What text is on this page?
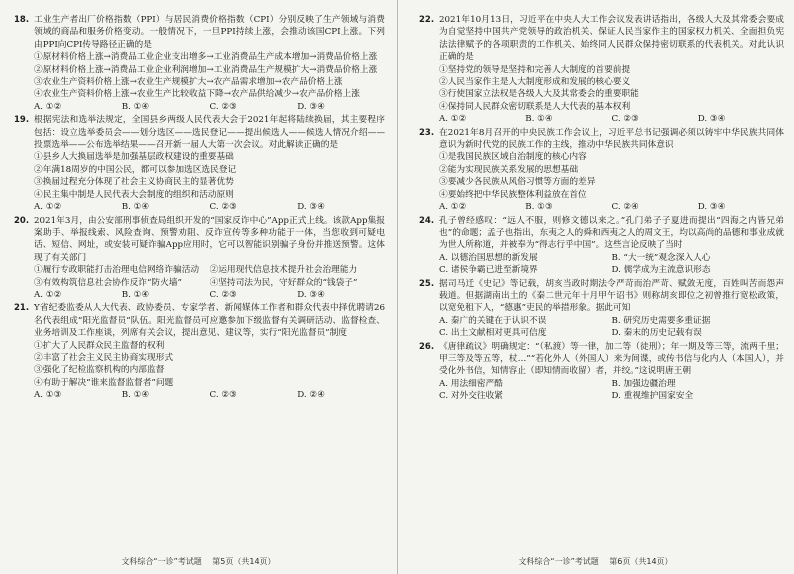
18. 工业生产者出厂价格指数（PPI）与居民消费价格指数（CPI）分别反映了生产领域与消费领域的商品和服务价格变动。一般情况下，一旦PPI持续上涨，会推动该国CPI上涨。下列由PPI向CPI传导路径正确的是
①原材料价格上涨→消费品工业企业支出增多→工业消费品生产成本增加→消费品价格上涨
②原材料价格上涨→消费品工业企业利润增加→工业消费品生产规模扩大→消费品价格上涨
③农业生产资料价格上涨→农业生产规模扩大→农产品需求增加→农产品价格上涨
④农业生产资料价格上涨→农业生产比较收益下降→农产品供给减少→农产品价格上涨
A. ①②	B. ①④	C. ②③	D. ③④
19. 根据宪法和选举法规定，全国县乡两级人民代表大会于2021年起将陆续换届，其主要程序包括：设立选举委员会——划分选区——选民登记——提出候选人——候选人情况介绍——投票选举——公布选举结果——召开新一届人大第一次会议。对此解读正确的是
①县乡人大换届选举是加强基层政权建设的重要基础
②年满18周岁的中国公民，都可以参加选区选民登记
③换届过程充分体现了社会主义协商民主的显著优势
④民主集中制是人民代表大会制度的组织和活动原则
A. ①②	B. ①④	C. ②③	D. ③④
20. 2021年3月，由公安部刑事侦查局组织开发的“国家反诈中心”App正式上线。该款App集报案助手、举报线索、风险查询、预警劝阻、反诈宣传等多种功能于一体，当您收到可疑电话、短信、网址，或安装可疑诈骗App应用时，它可以智能识别骗子身份并推送预警。这体现了有关部门
①履行专政职能打击治理电信网络诈骗活动	②运用现代信息技术提升社会治理能力
③有效构筑信息社会协作反诈“防火墙”	④坚持司法为民，守好群众的“钱袋子”
A. ①②	B. ①④	C. ②③	D. ③④
21. Y省纪委监委从人大代表、政协委员、专家学者、新闻媒体工作者和群众代表中择优聘请26名代表组成“阳光监督员”队伍。阳光监督员可应邀参加下级监督有关调研活动、监督检查、业务培训及工作座谈，列席有关会议，提出意见、建议等，实行“阳光监督员”制度
①扩大了人民群众民主监督的权利
②丰富了社会主义民主协商实现形式
③强化了纪检监察机构的内部监督
④有助于解决“谁来监督监督者”问题
A. ①③	B. ①④	C. ②③	D. ②④
文科综合“一诊”考试题 第5页（共14页）
22. 2021年10月13日，习近平在中央人大工作会议发表讲话指出，各级人大及其常委会要成为自觉坚持中国共产党领导的政治机关、保证人民当家作主的国家权力机关、全面担负宪法法律赋予的各项职责的工作机关、始终同人民群众保持密切联系的代表机关。对此认识正确的是
①坚持党的领导是坚持和完善人大制度的首要前提
②人民当家作主是人大制度形成和发展的核心要义
③行使国家立法权是各级人大及其常委会的重要职能
④保持同人民群众密切联系是人大代表的基本权利
A. ①②	B. ①④	C. ②③	D. ③④
23. 在2021年8月召开的中央民族工作会议上，习近平总书记强调必须以铸牢中华民族共同体意识为新时代党的民族工作的主线，推动中华民族共同体意识
①是我国民族区域自治制度的核心内容
②能为实现民族关系发展的思想基础
③要减少各民族从风俗习惯等方面的差异
④要始终把中华民族整体利益放在首位
A. ①②	B. ①③	C. ②④	D. ③④
24. 孔子曾经感叹：“远人不服，则修文德以来之。”孔门弟子子夏进而提出“四海之内皆兄弟也”的命题；孟子也指出，东夷之人的舜和西夷之人的周文王，均以高尚的品德和事业成就为世人所称道，并被奉为“得志行乎中国”。这些言论反映了当时
A. 以德治国思想的新发展	B. “大一统”观念深入人心
C. 诸侯争霸已进至新境界	D. 儒学成为主流意识形态
25. 据司马迁《史记》等记载，胡亥当政时期法令严苛而治严苛、赋敛无度，百姓叫苦而怨声载道。但据湖南出土的《秦二世元年十月甲午诏书》则称胡亥即位之初曾推行宽松政策，以宽免租下人，“德惠”吏民的举措形象。据此可知
A. 秦广的关键在于认识不误	B. 研究历史需要多重证据
C. 出土文献相对更具可信度	D. 秦末的历史记载有误
26. 《唐律疏议》明确规定：“（私渡）等一律，加二等（徒刑）；年一期及等三等，流两千里；甲三等及等五等，杖…”“若化外人（外国人）来为间谍，或传书信与化内人（本国人），并受化外书信，知情容止（即知情而收留）者，并绞。”这说明唐王朝
A. 用法细密严酷	B. 加强边疆治理
C. 对外交往收紧	D. 重视维护国家安全
文科综合“一诊”考试题 第6页（共14页）
